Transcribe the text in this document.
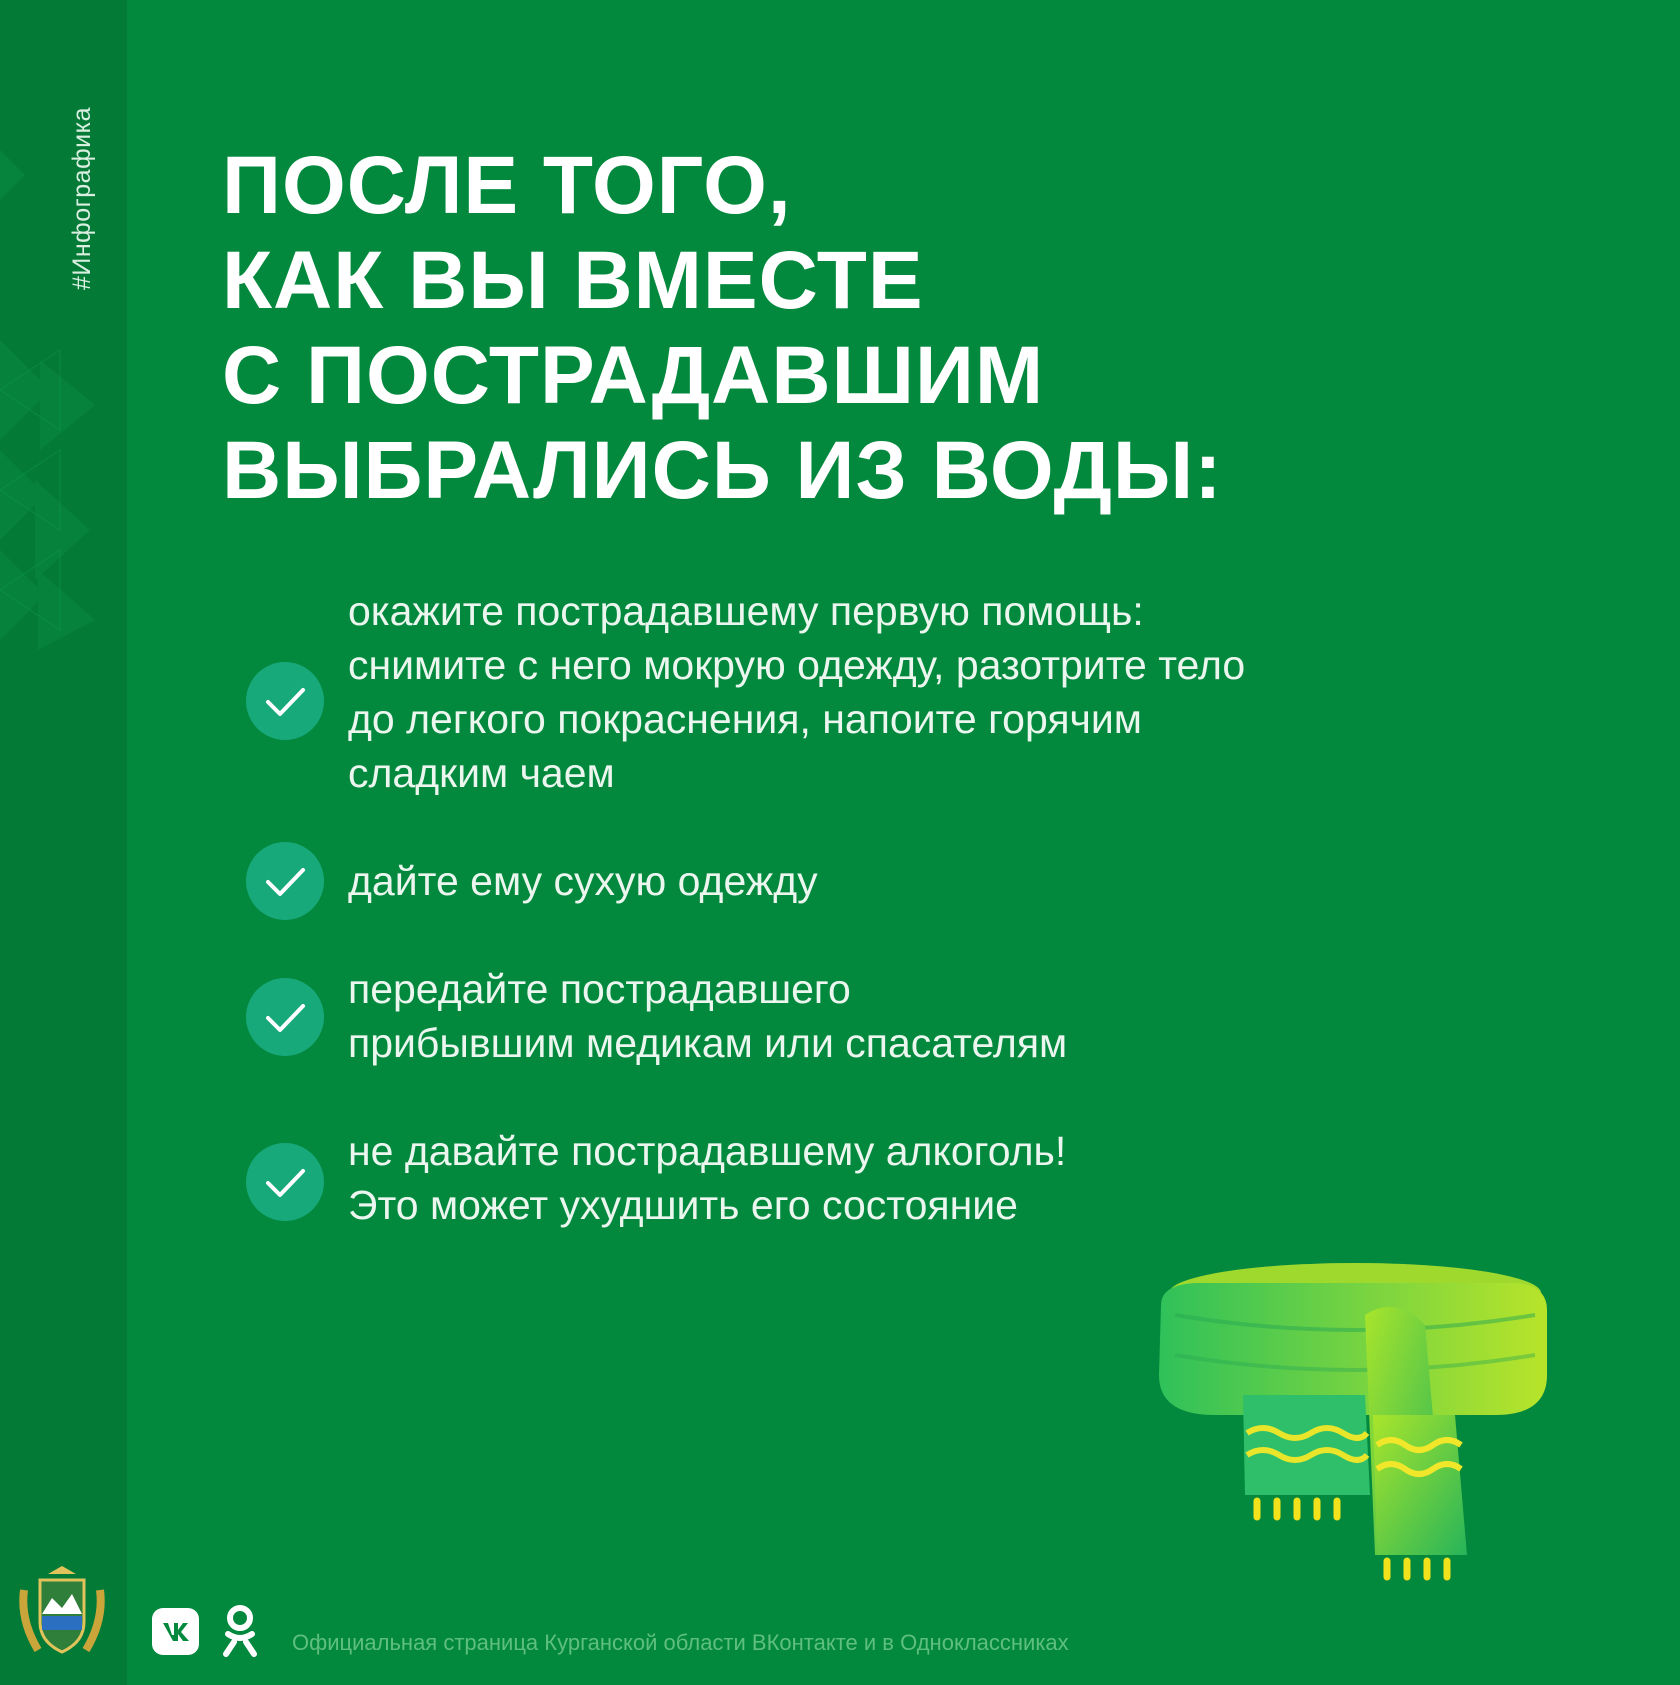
#Инфографика ПОСЛЕ ТОГО,
КАК ВЫ ВМЕСТЕ
С ПОСТРАДАВШИМ
ВЫБРАЛИСЬ ИЗ ВОДЫ:

окажите пострадавшему первую помощь:
снимите с него мокрую одежду, разотрите тело
до легкого покраснения, напоите горячим
сладким чаем

дайте ему сухую одежду

передайте пострадавшего
прибывшим медикам или спасателям

не давайте пострадавшему алкоголь!
Это может ухудшить его состояние

Официальная страница Курганской области ВКонтакте и в Одноклассниках
